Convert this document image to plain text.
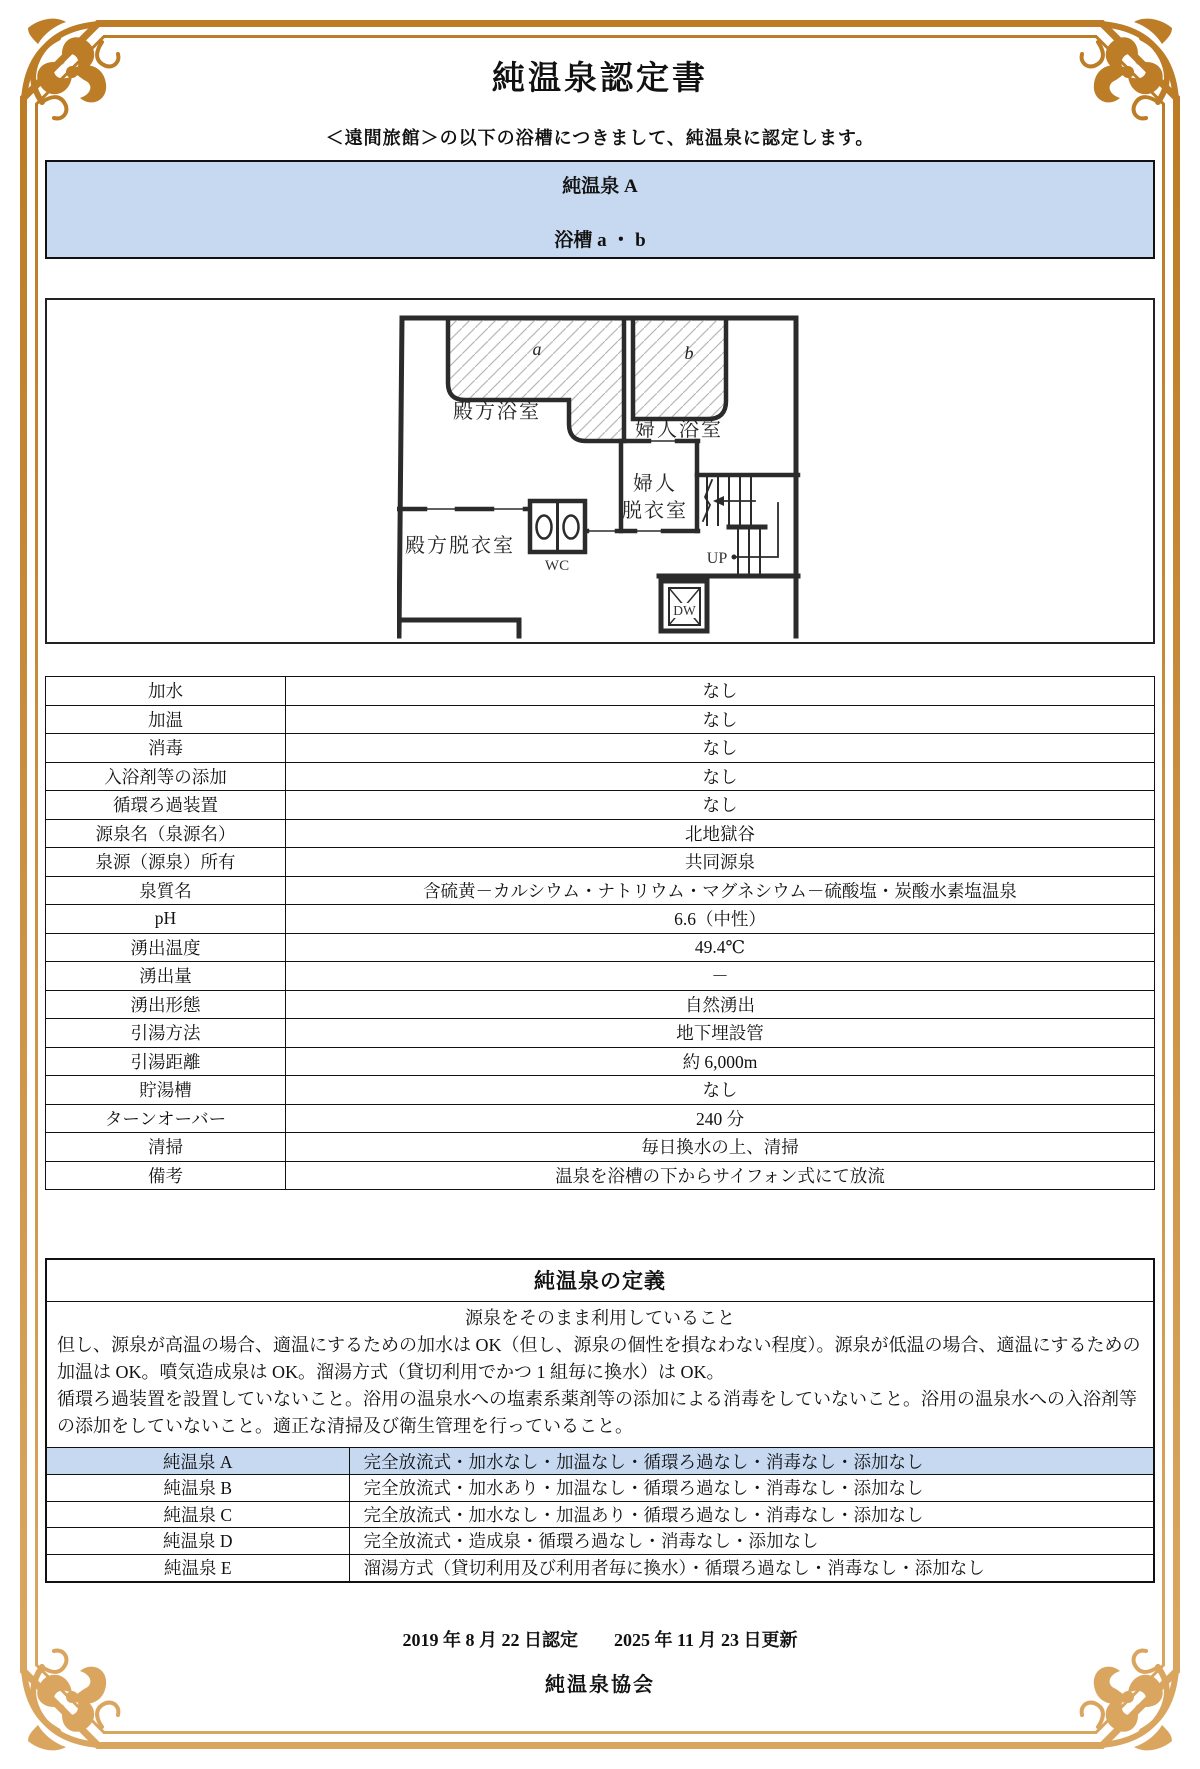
純温泉認定書
＜遠間旅館＞の以下の浴槽につきまして、純温泉に認定します。
純温泉 A
浴槽 a ・ b
殿方浴室
婦人浴室
婦人
脱衣室
殿方脱衣室
WC	UP
DW
a	b
加水	なし
加温	なし
消毒	なし
入浴剤等の添加	なし
循環ろ過装置	なし
源泉名（泉源名）	北地獄谷
泉源（源泉）所有	共同源泉
泉質名	含硫黄－カルシウム・ナトリウム・マグネシウム－硫酸塩・炭酸水素塩温泉
pH	6.6（中性）
湧出温度	49.4℃
湧出量	－
湧出形態	自然湧出
引湯方法	地下埋設管
引湯距離	約 6,000m
貯湯槽	なし
ターンオーバー	240 分
清掃	毎日換水の上、清掃
備考	温泉を浴槽の下からサイフォン式にて放流
純温泉の定義
源泉をそのまま利用していること

但し、源泉が高温の場合、適温にするための加水は OK（但し、源泉の個性を損なわない程度）。源泉が低温の場合、適温にするための加温は OK。噴気造成泉は OK。溜湯方式（貸切利用でかつ 1 組毎に換水）は OK。

循環ろ過装置を設置していないこと。浴用の温泉水への塩素系薬剤等の添加による消毒をしていないこと。浴用の温泉水への入浴剤等の添加をしていないこと。適正な清掃及び衛生管理を行っていること。

純温泉 A	完全放流式・加水なし・加温なし・循環ろ過なし・消毒なし・添加なし
純温泉 B	完全放流式・加水あり・加温なし・循環ろ過なし・消毒なし・添加なし
純温泉 C	完全放流式・加水なし・加温あり・循環ろ過なし・消毒なし・添加なし
純温泉 D	完全放流式・造成泉・循環ろ過なし・消毒なし・添加なし
純温泉 E	溜湯方式（貸切利用及び利用者毎に換水）・循環ろ過なし・消毒なし・添加なし
2019 年 8 月 22 日認定　　2025 年 11 月 23 日更新
純温泉協会
